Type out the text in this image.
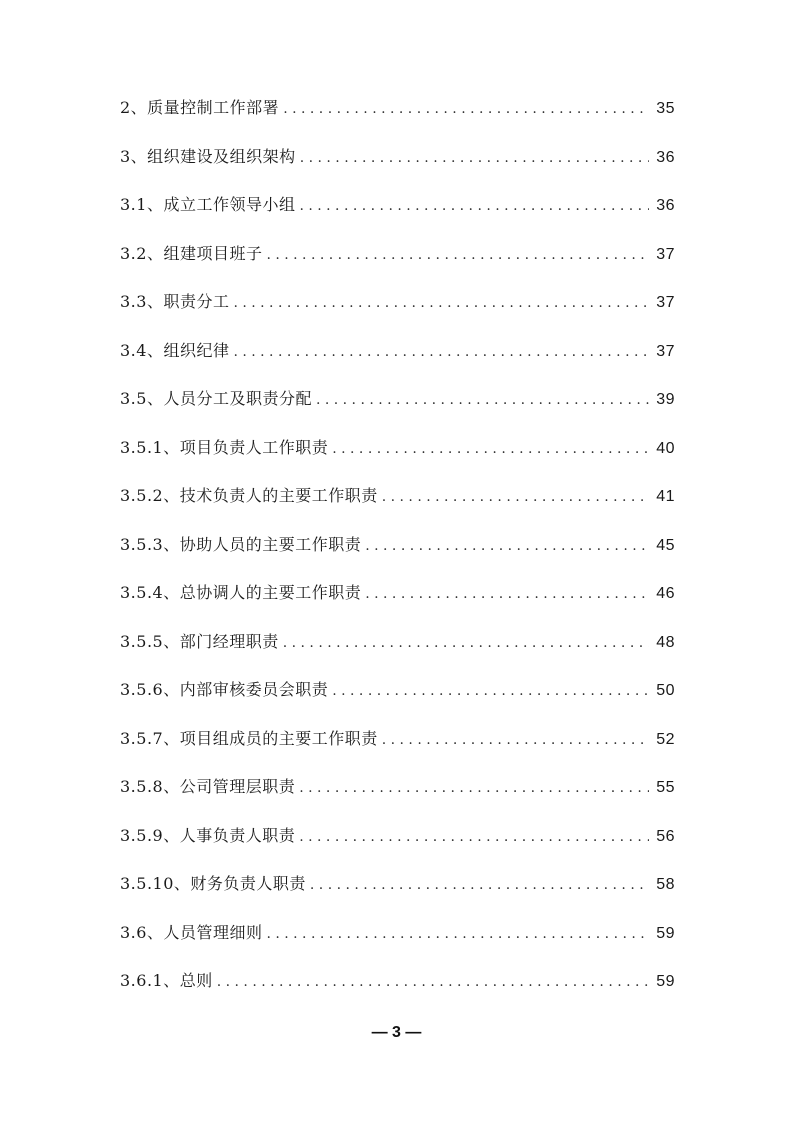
2、质量控制工作部署 . . .	35
3、组织建设及组织架构 . . .	36
3.1、成立工作领导小组 . . .	36
3.2、组建项目班子 . . .	37
3.3、职责分工 . . .	37
3.4、组织纪律 . . .	37
3.5、人员分工及职责分配 . . .	39
3.5.1、项目负责人工作职责 . . .	40
3.5.2、技术负责人的主要工作职责 . . .	41
3.5.3、协助人员的主要工作职责 . . .	45
3.5.4、总协调人的主要工作职责 . . .	46
3.5.5、部门经理职责 . . .	48
3.5.6、内部审核委员会职责 . . .	50
3.5.7、项目组成员的主要工作职责 . . .	52
3.5.8、公司管理层职责 . . .	55
3.5.9、人事负责人职责 . . .	56
3.5.10、财务负责人职责 . . .	58
3.6、人员管理细则 . . .	59
3.6.1、总则 . . .	59
— 3 —
